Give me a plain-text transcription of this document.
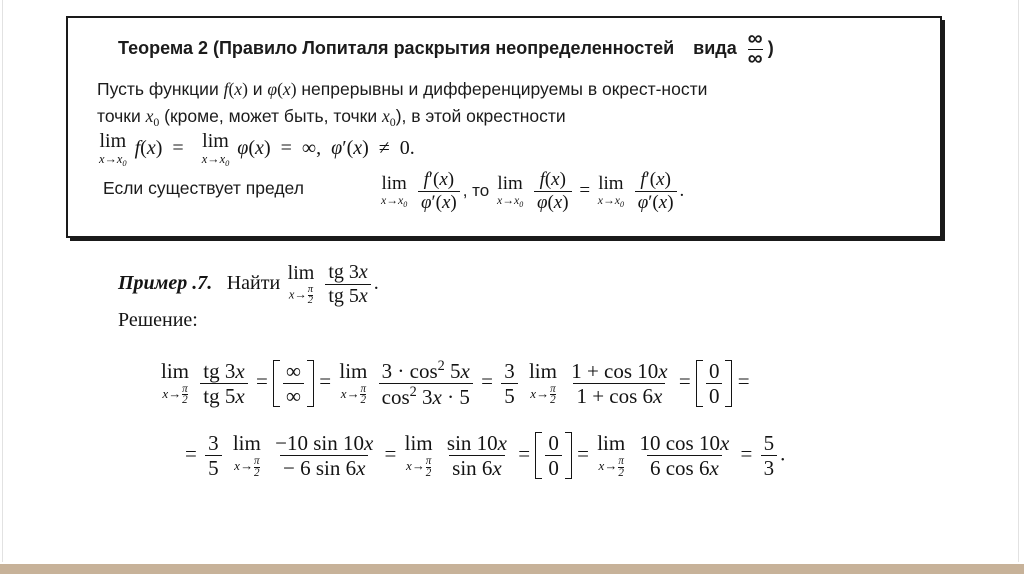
Теорема 2 (Правило Лопиталя раскрытия неопределенностей вида ∞
∞ )
Пусть функции f(x) и φ(x) непрерывны и дифференцируемы в окрест-ности
точки $x_0$ (кроме, может быть, точки $x_0$), в этой окрестности
lim
$x\to x_0$
f(x)  = lim
$x\to x_0$
φ(x)  =  ∞,  φ′(x)  ≠  0.
Если существует предел	lim
$x\to x_0$
$\frac{f'(x)}{\varphi'(x)}$ , то lim
$x\to x_0$
$\frac{f(x)}{\varphi(x)} = \lim$
$x\to x_0$
$\frac{f'(x)}{\varphi'(x)}$ .
Пример .7. Найти lim
$x\to \frac{\pi}{2}$
$\frac{tg 3x}{tg 5x}$ .
Решение:
lim
$x\to \frac{\pi}{2}$
$\frac{tg 3x}{tg 5x} = \frac{\infty}{\infty} = \lim$
$x\to \frac{\pi}{2}$
$\frac{3 \cdot \cos^2 5x}{\cos^2 3x \cdot 5} = \frac{3}{5}$
lim
$x\to \frac{\pi}{2}$
$\frac{1 + \cos 10x}{1 + \cos 6x} = \frac{0}{0}$ =
= $\frac{3}{5}$
lim
$x\to \frac{\pi}{2}$
$\frac{-10 \sin 10x}{- 6 \sin 6x} = \lim$
$x\to \frac{\pi}{2}$
$\frac{\sin 10x}{\sin 6x} = \frac{0}{0} = \lim$
$x\to \frac{\pi}{2}$
$\frac{10 \cos 10x}{6 \cos 6x} = \frac{5}{3}$ .
